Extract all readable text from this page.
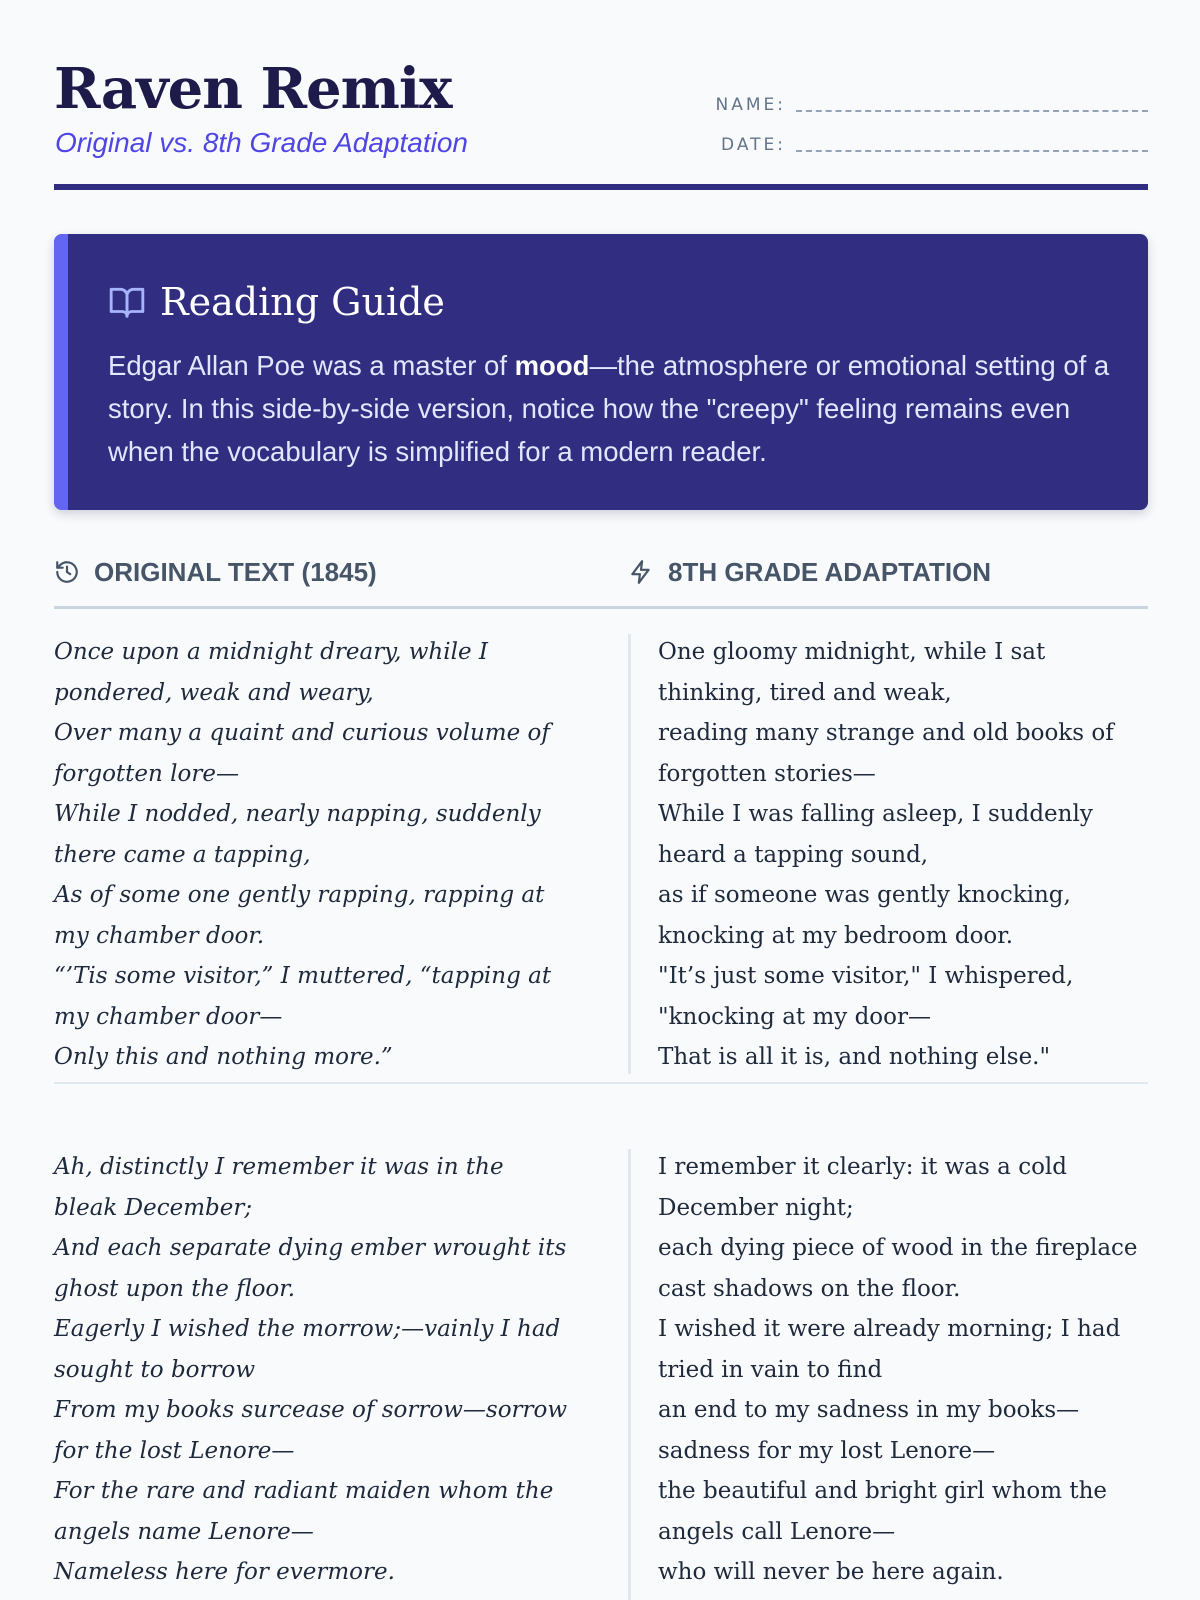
Raven Remix
Original vs. 8th Grade Adaptation
NAME:
DATE:
Reading Guide

Edgar Allan Poe was a master of mood—the atmosphere or emotional setting of a story. In this side-by-side version, notice how the "creepy" feeling remains even when the vocabulary is simplified for a modern reader.

ORIGINAL TEXT (1845)	8TH GRADE ADAPTATION
Once upon a midnight dreary, while I pondered, weak and weary,
Over many a quaint and curious volume of forgotten lore—
While I nodded, nearly napping, suddenly there came a tapping,
As of some one gently rapping, rapping at my chamber door.
“’Tis some visitor,” I muttered, “tapping at my chamber door—
Only this and nothing more.”
One gloomy midnight, while I sat thinking, tired and weak,
reading many strange and old books of forgotten stories—
While I was falling asleep, I suddenly heard a tapping sound,
as if someone was gently knocking, knocking at my bedroom door.
"It’s just some visitor," I whispered, "knocking at my door—
That is all it is, and nothing else."
Ah, distinctly I remember it was in the bleak December;
And each separate dying ember wrought its ghost upon the floor.
Eagerly I wished the morrow;—vainly I had sought to borrow
From my books surcease of sorrow—sorrow for the lost Lenore—
For the rare and radiant maiden whom the angels name Lenore—
Nameless here for evermore.
I remember it clearly: it was a cold December night;
each dying piece of wood in the fireplace cast shadows on the floor.
I wished it were already morning; I had tried in vain to find
an end to my sadness in my books—sadness for my lost Lenore—
the beautiful and bright girl whom the angels call Lenore—
who will never be here again.
